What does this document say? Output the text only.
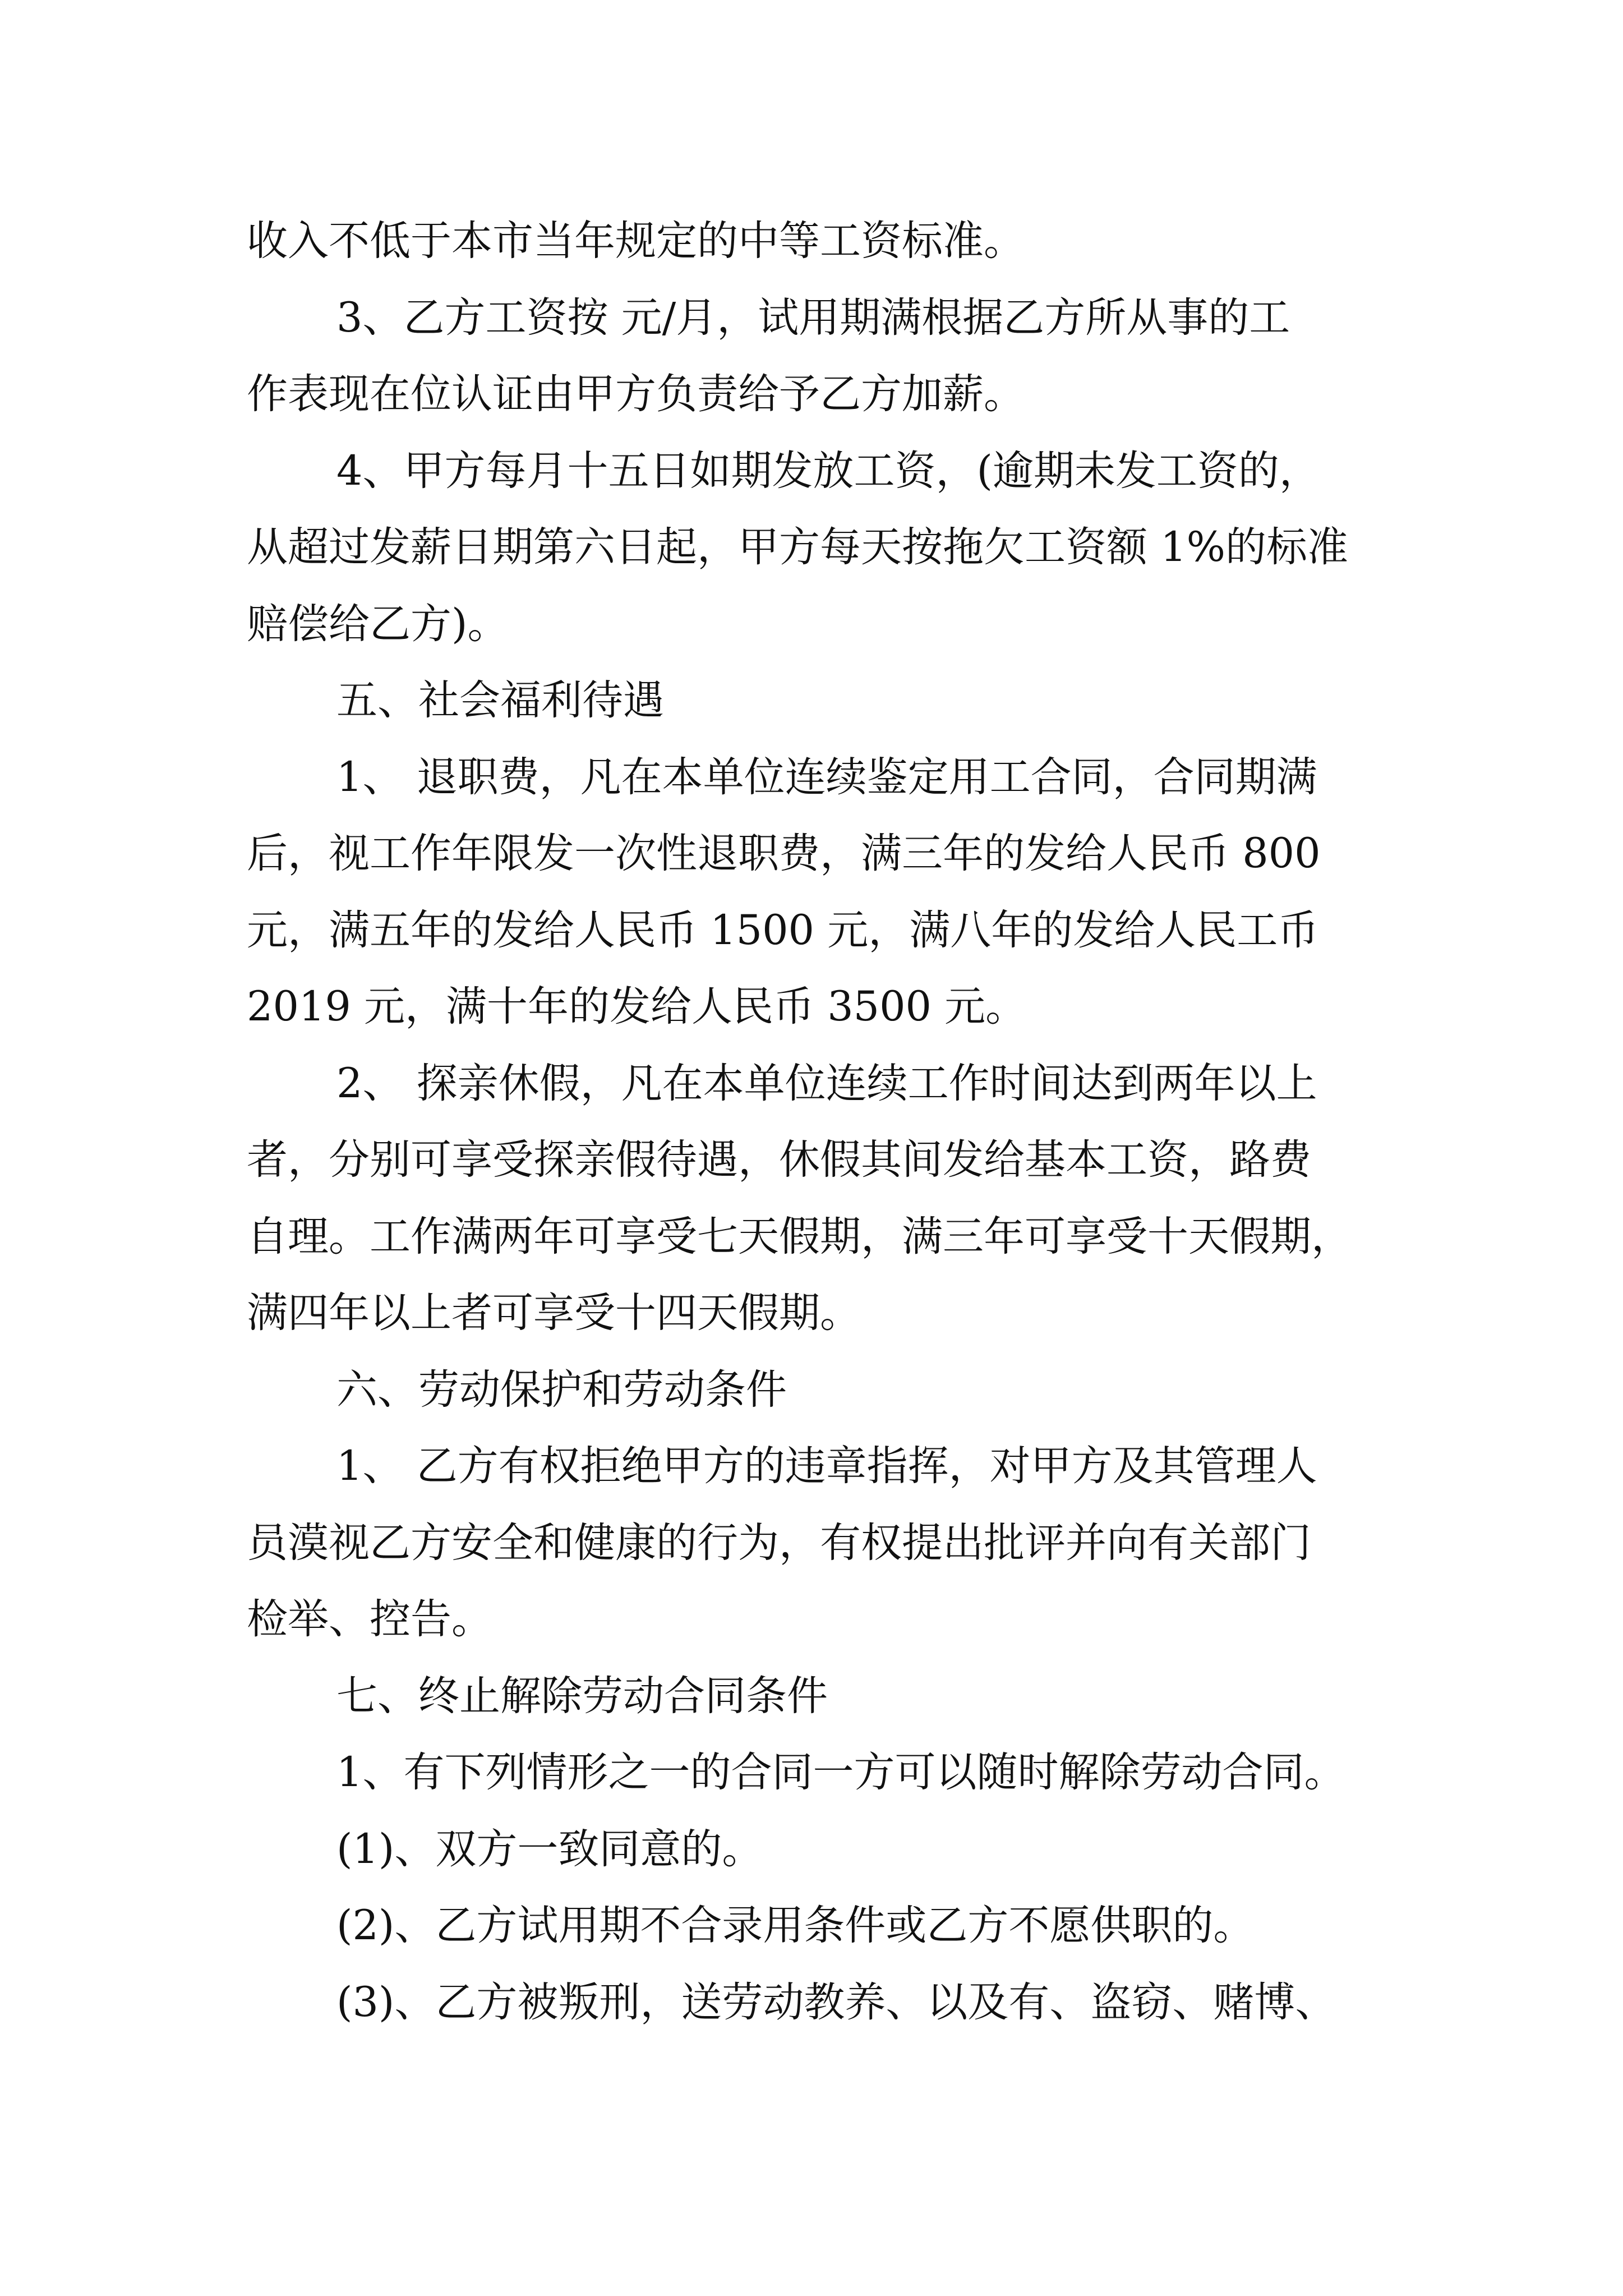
收入不低于本市当年规定的中等工资标准。

3、乙方工资按 元/月，试用期满根据乙方所从事的工

作表现在位认证由甲方负责给予乙方加薪。

4、甲方每月十五日如期发放工资，(逾期未发工资的，

从超过发薪日期第六日起，甲方每天按拖欠工资额 1%的标准

赔偿给乙方)。

五、社会福利待遇

1、 退职费，凡在本单位连续鉴定用工合同，合同期满

后，视工作年限发一次性退职费，满三年的发给人民币 800

元，满五年的发给人民币 1500 元，满八年的发给人民工币

2019 元，满十年的发给人民币 3500 元。

2、 探亲休假，凡在本单位连续工作时间达到两年以上

者，分别可享受探亲假待遇，休假其间发给基本工资，路费

自理。工作满两年可享受七天假期，满三年可享受十天假期，

满四年以上者可享受十四天假期。

六、劳动保护和劳动条件

1、 乙方有权拒绝甲方的违章指挥，对甲方及其管理人

员漠视乙方安全和健康的行为，有权提出批评并向有关部门

检举、控告。

七、终止解除劳动合同条件

1、有下列情形之一的合同一方可以随时解除劳动合同。

(1)、双方一致同意的。

(2)、乙方试用期不合录用条件或乙方不愿供职的。

(3)、乙方被叛刑，送劳动教养、以及有、盗窃、赌博、
